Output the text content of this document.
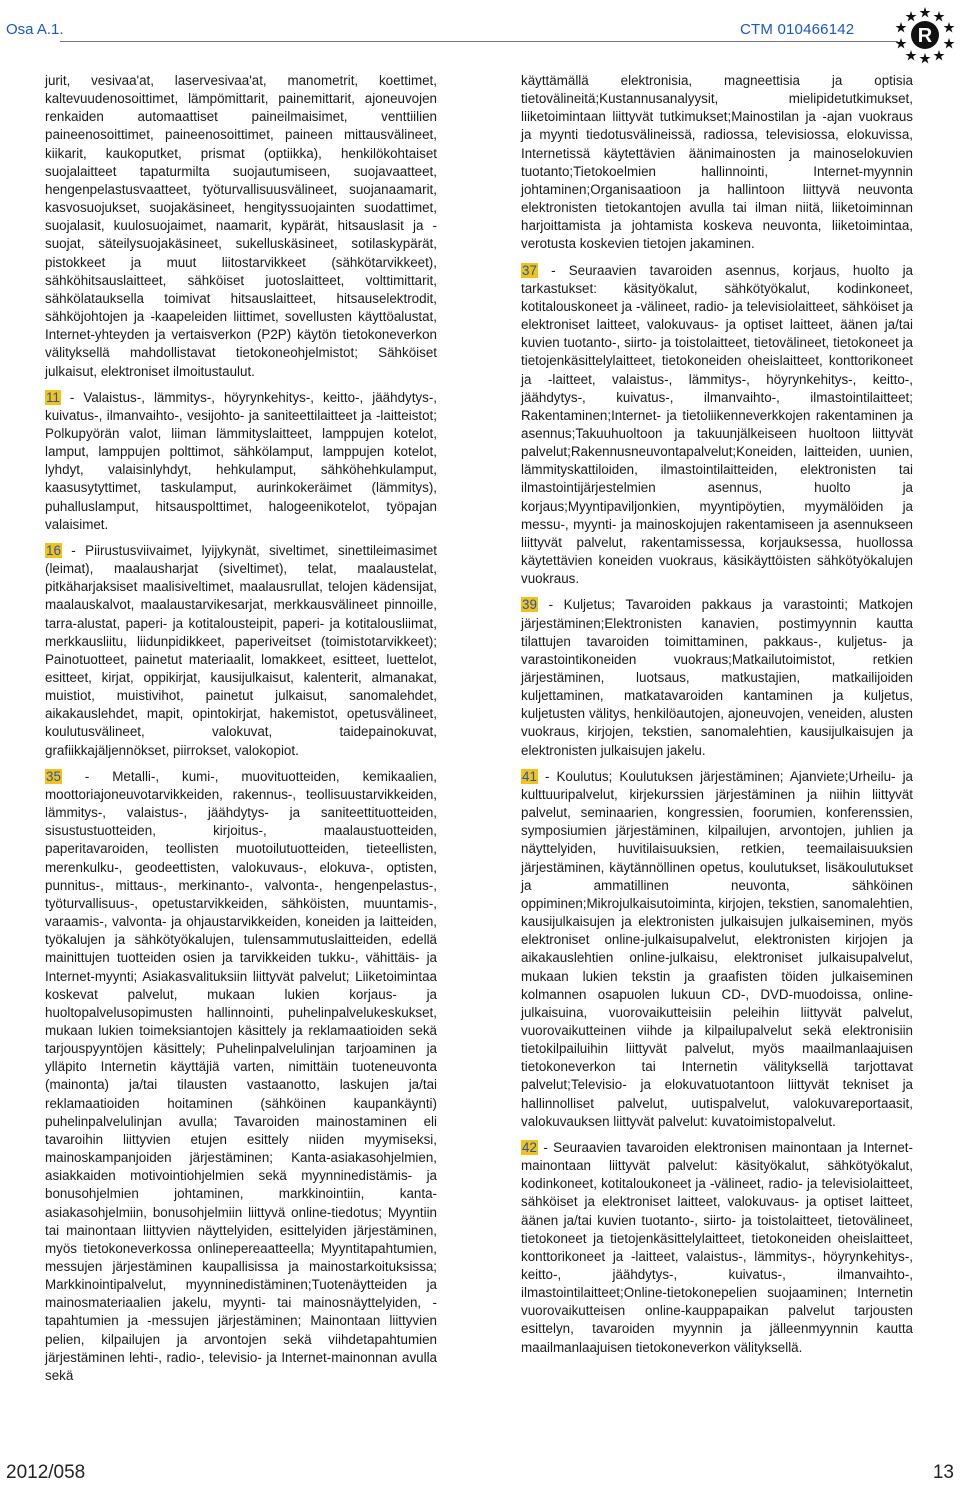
Osa A.1.	CTM 010466142	R

jurit, vesivaa'at, laservesivaa'at, manometrit, koettimet, kaltevuudenosoittimet, lämpömittarit, painemittarit, ajoneuvojen renkaiden automaattiset paineilmaisimet, venttiilien paineenosoittimet, paineenosoittimet, paineen mittausvälineet, kiikarit, kaukoputket, prismat (optiikka), henkilökohtaiset suojalaitteet tapaturmilta suojautumiseen, suojavaatteet, hengenpelastusvaatteet, työturvallisuusvälineet, suojanaamarit, kasvosuojukset, suojakäsineet, hengityssuojainten suodattimet, suojalasit, kuulosuojaimet, naamarit, kypärät, hitsauslasit ja -suojat, säteilysuojakäsineet, sukelluskäsineet, sotilaskypärät, pistokkeet ja muut liitostarvikkeet (sähkötarvikkeet), sähköhitsauslaitteet, sähköiset juotoslaitteet, volttimittarit, sähkölatauksella toimivat hitsauslaitteet, hitsauselektrodit, sähköjohtojen ja -kaapeleiden liittimet, sovellusten käyttöalustat, Internet-yhteyden ja vertaisverkon (P2P) käytön tietokoneverkon välityksellä mahdollistavat tietokoneohjelmistot; Sähköiset julkaisut, elektroniset ilmoitustaulut.

11 - Valaistus-, lämmitys-, höyrynkehitys-, keitto-, jäähdytys-, kuivatus-, ilmanvaihto-, vesijohto- ja saniteettilaitteet ja -laitteistot; Polkupyörän valot, liiman lämmityslaitteet, lamppujen kotelot, lamput, lamppujen polttimot, sähkölamput, lamppujen kotelot, lyhdyt, valaisinlyhdyt, hehkulamput, sähköhehkulamput, kaasusytyttimet, taskulamput, aurinkokeräimet (lämmitys), puhalluslamput, hitsauspolttimet, halogeenikotelot, työpajan valaisimet.

16 - Piirustusviivaimet, lyijykynät, siveltimet, sinettileimasimet (leimat), maalausharjat (siveltimet), telat, maalaustelat, pitkäharjaksiset maalisiveltimet, maalausrullat, telojen kädensijat, maalauskalvot, maalaustarvikesarjat, merkkausvälineet pinnoille, tarra-alustat, paperi- ja kotitalousteipit, paperi- ja kotitalousliimat, merkkausliitu, liidunpidikkeet, paperiveitset (toimistotarvikkeet); Painotuotteet, painetut materiaalit, lomakkeet, esitteet, luettelot, esitteet, kirjat, oppikirjat, kausijulkaisut, kalenterit, almanakat, muistiot, muistivihot, painetut julkaisut, sanomalehdet, aikakauslehdet, mapit, opintokirjat, hakemistot, opetusvälineet, koulutusvälineet, valokuvat, taidepainokuvat, grafiikkajäljennökset, piirrokset, valokopiot.

35 - Metalli-, kumi-, muovituotteiden, kemikaalien, moottoriajoneuvotarvikkeiden, rakennus-, teollisuustarvikkeiden, lämmitys-, valaistus-, jäähdytys- ja saniteettituotteiden, sisustustuotteiden, kirjoitus-, maalaustuotteiden, paperitavaroiden, teollisten muotoilutuotteiden, tieteellisten, merenkulku-, geodeettisten, valokuvaus-, elokuva-, optisten, punnitus-, mittaus-, merkinanto-, valvonta-, hengenpelastus-, työturvallisuus-, opetustarvikkeiden, sähköisten, muuntamis-, varaamis-, valvonta- ja ohjaustarvikkeiden, koneiden ja laitteiden, työkalujen ja sähkötyökalujen, tulensammutuslaitteiden, edellä mainittujen tuotteiden osien ja tarvikkeiden tukku-, vähittäis- ja Internet-myynti; Asiakasvalituksiin liittyvät palvelut; Liiketoimintaa koskevat palvelut, mukaan lukien korjaus- ja huoltopalvelusopimusten hallinnointi, puhelinpalvelukeskukset, mukaan lukien toimeksiantojen käsittely ja reklamaatioiden sekä tarjouspyyntöjen käsittely; Puhelinpalvelulinjan tarjoaminen ja ylläpito Internetin käyttäjiä varten, nimittäin tuoteneuvonta (mainonta) ja/tai tilausten vastaanotto, laskujen ja/tai reklamaatioiden hoitaminen (sähköinen kaupankäynti) puhelinpalvelulinjan avulla; Tavaroiden mainostaminen eli tavaroihin liittyvien etujen esittely niiden myymiseksi, mainoskampanjoiden järjestäminen; Kanta-asiakasohjelmien, asiakkaiden motivointiohjelmien sekä myynninedistämis- ja bonusohjelmien johtaminen, markkinointiin, kanta-asiakasohjelmiin, bonusohjelmiin liittyvä online-tiedotus; Myyntiin tai mainontaan liittyvien näyttelyiden, esittelyiden järjestäminen, myös tietokoneverkossa onlinepereaatteella; Myyntitapahtumien, messujen järjestäminen kaupallisissa ja mainostarkoituksissa; Markkinointipalvelut, myynninedistäminen;Tuotenäytteiden ja mainosmateriaalien jakelu, myynti- tai mainosnäyttelyiden, -tapahtumien ja -messujen järjestäminen; Mainontaan liittyvien pelien, kilpailujen ja arvontojen sekä viihdetapahtumien järjestäminen lehti-, radio-, televisio- ja Internet-mainonnan avulla sekä

käyttämällä elektronisia, magneettisia ja optisia tietovälineitä;Kustannusanalyysit, mielipidetutkimukset, liiketoimintaan liittyvät tutkimukset;Mainostilan ja -ajan vuokraus ja myynti tiedotusvälineissä, radiossa, televisiossa, elokuvissa, Internetissä käytettävien äänimainosten ja mainoselokuvien tuotanto;Tietokoelmien hallinnointi, Internet-myynnin johtaminen;Organisaatioon ja hallintoon liittyvä neuvonta elektronisten tietokantojen avulla tai ilman niitä, liiketoiminnan harjoittamista ja johtamista koskeva neuvonta, liiketoimintaa, verotusta koskevien tietojen jakaminen.

37 - Seuraavien tavaroiden asennus, korjaus, huolto ja tarkastukset: käsityökalut, sähkötyökalut, kodinkoneet, kotitalouskoneet ja -välineet, radio- ja televisiolaitteet, sähköiset ja elektroniset laitteet, valokuvaus- ja optiset laitteet, äänen ja/tai kuvien tuotanto-, siirto- ja toistolaitteet, tietovälineet, tietokoneet ja tietojenkäsittelylaitteet, tietokoneiden oheislaitteet, konttorikoneet ja -laitteet, valaistus-, lämmitys-, höyrynkehitys-, keitto-, jäähdytys-, kuivatus-, ilmanvaihto-, ilmastointilaitteet; Rakentaminen;Internet- ja tietoliikenneverkkojen rakentaminen ja asennus;Takuuhuoltoon ja takuunjälkeiseen huoltoon liittyvät palvelut;Rakennusneuvontapalvelut;Koneiden, laitteiden, uunien, lämmityskattiloiden, ilmastointilaitteiden, elektronisten tai ilmastointijärjestelmien asennus, huolto ja korjaus;Myyntipaviljonkien, myyntipöytien, myymälöiden ja messu-, myynti- ja mainoskojujen rakentamiseen ja asennukseen liittyvät palvelut, rakentamissessa, korjauksessa, huollossa käytettävien koneiden vuokraus, käsikäyttöisten sähkötyökalujen vuokraus.

39 - Kuljetus; Tavaroiden pakkaus ja varastointi; Matkojen järjestäminen;Elektronisten kanavien, postimyynnin kautta tilattujen tavaroiden toimittaminen, pakkaus-, kuljetus- ja varastointikoneiden vuokraus;Matkailutoimistot, retkien järjestäminen, luotsaus, matkustajien, matkailijoiden kuljettaminen, matkatavaroiden kantaminen ja kuljetus, kuljetusten välitys, henkilöautojen, ajoneuvojen, veneiden, alusten vuokraus, kirjojen, tekstien, sanomalehtien, kausijulkaisujen ja elektronisten julkaisujen jakelu.

41 - Koulutus; Koulutuksen järjestäminen; Ajanviete;Urheilu- ja kulttuuripalvelut, kirjekurssien järjestäminen ja niihin liittyvät palvelut, seminaarien, kongressien, foorumien, konferenssien, symposiumien järjestäminen, kilpailujen, arvontojen, juhlien ja näyttelyiden, huvitilaisuuksien, retkien, teemailaisuuksien järjestäminen, käytännöllinen opetus, koulutukset, lisäkoulutukset ja ammatillinen neuvonta, sähköinen oppiminen;Mikrojulkaisutoiminta, kirjojen, tekstien, sanomalehtien, kausijulkaisujen ja elektronisten julkaisujen julkaiseminen, myös elektroniset online-julkaisupalvelut, elektronisten kirjojen ja aikakauslehtien online-julkaisu, elektroniset julkaisupalvelut, mukaan lukien tekstin ja graafisten töiden julkaiseminen kolmannen osapuolen lukuun CD-, DVD-muodoissa, online-julkaisuina, vuorovaikutteisiin peleihin liittyvät palvelut, vuorovaikutteinen viihde ja kilpailupalvelut sekä elektronisiin tietokilpailuihin liittyvät palvelut, myös maailmanlaajuisen tietokoneverkon tai Internetin välityksellä tarjottavat palvelut;Televisio- ja elokuvatuotantoon liittyvät tekniset ja hallinnolliset palvelut, uutispalvelut, valokuvareportaasit, valokuvauksen liittyvät palvelut: kuvatoimistopalvelut.

42 - Seuraavien tavaroiden elektronisen mainontaan ja Internet-mainontaan liittyvät palvelut: käsityökalut, sähkötyökalut, kodinkoneet, kotitaloukoneet ja -välineet, radio- ja televisiolaitteet, sähköiset ja elektroniset laitteet, valokuvaus- ja optiset laitteet, äänen ja/tai kuvien tuotanto-, siirto- ja toistolaitteet, tietovälineet, tietokoneet ja tietojenkäsittelylaitteet, tietokoneiden oheislaitteet, konttorikoneet ja -laitteet, valaistus-, lämmitys-, höyrynkehitys-, keitto-, jäähdytys-, kuivatus-, ilmanvaihto-, ilmastointilaitteet;Online-tietokonepelien suojaaminen; Internetin vuorovaikutteisen online-kauppapaikan palvelut tarjousten esittelyn, tavaroiden myynnin ja jälleenmyynnin kautta maailmanlaajuisen tietokoneverkon välityksellä.

2012/058	13
